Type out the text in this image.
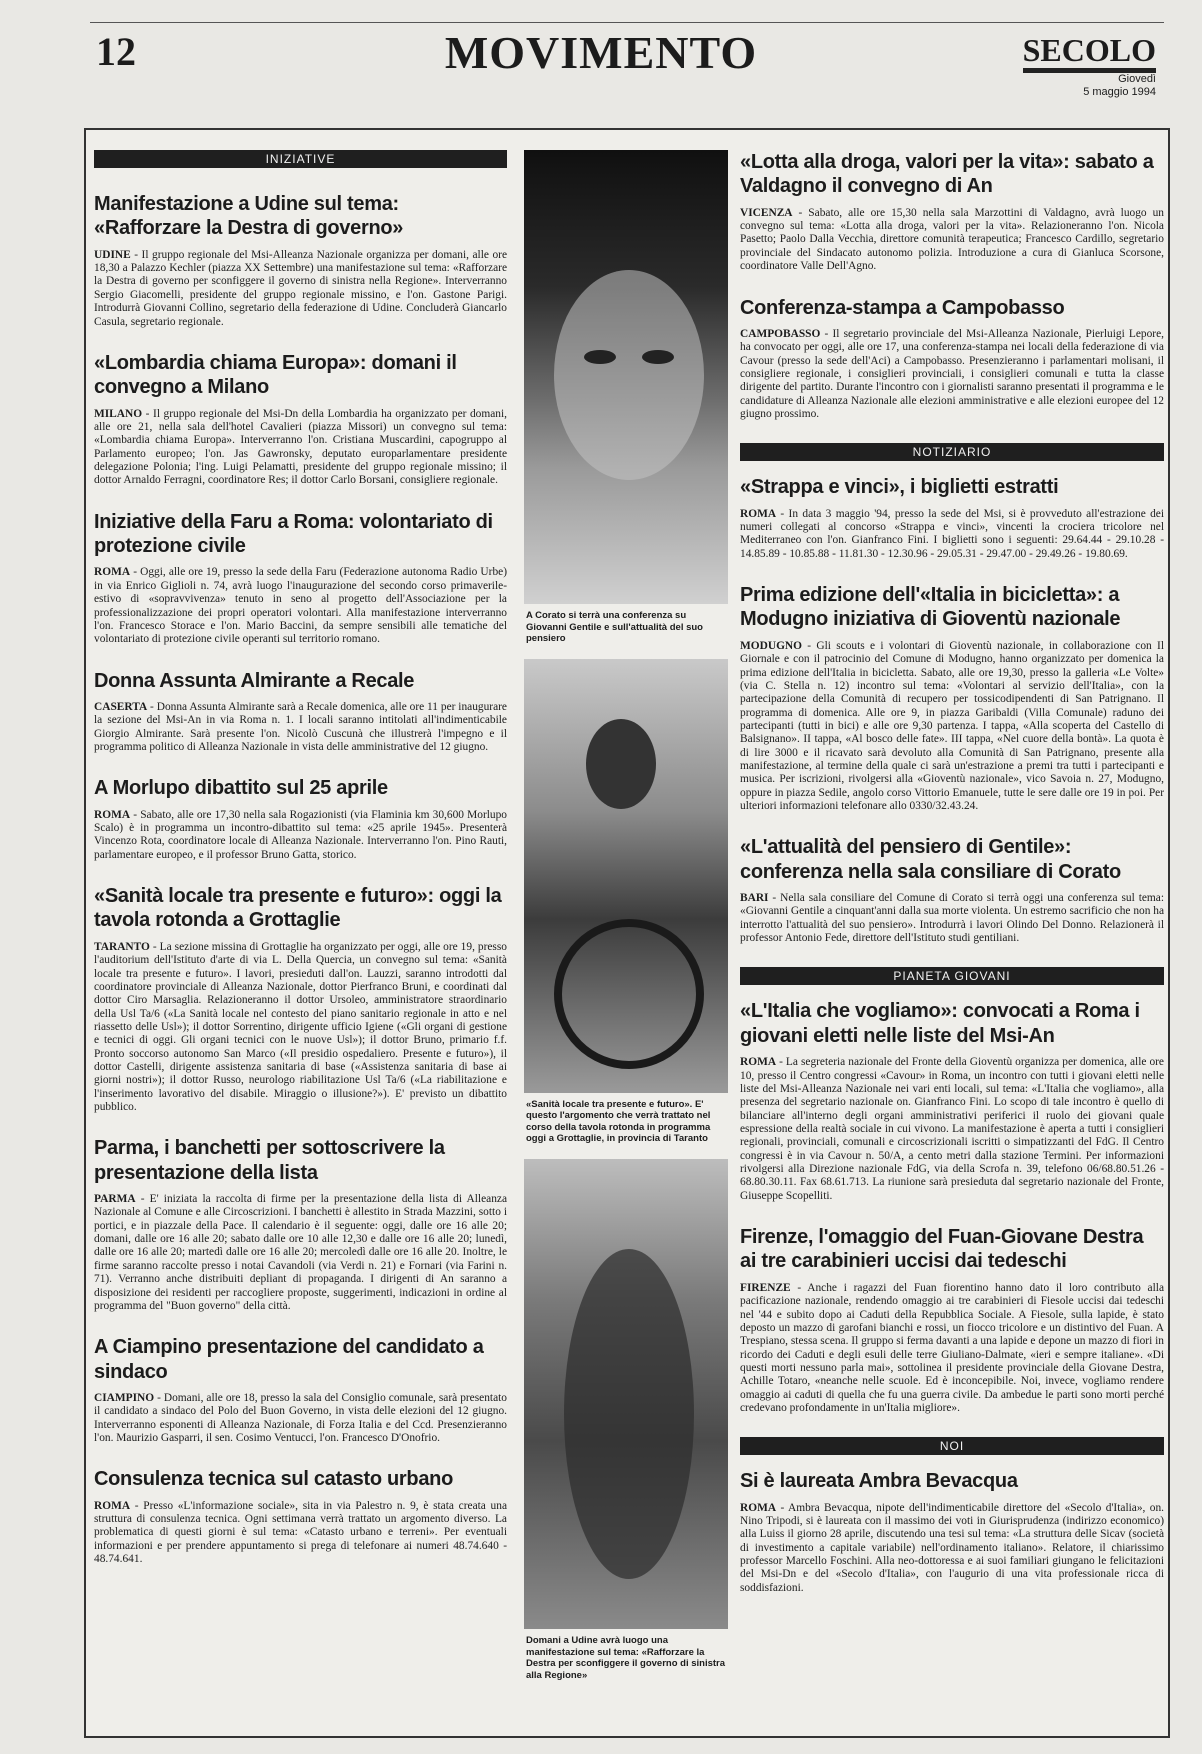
12	MOVIMENTO	SECOLO
Giovedì
5 maggio 1994
INIZIATIVE
Manifestazione a Udine sul tema: «Rafforzare la Destra di governo»

UDINE - Il gruppo regionale del Msi-Alleanza Nazionale organizza per domani, alle ore 18,30 a Palazzo Kechler (piazza XX Settembre) una manifestazione sul tema: «Rafforzare la Destra di governo per sconfiggere il governo di sinistra nella Regione». Interverranno Sergio Giacomelli, presidente del gruppo regionale missino, e l'on. Gastone Parigi. Introdurrà Giovanni Collino, segretario della federazione di Udine. Concluderà Giancarlo Casula, segretario regionale.

«Lombardia chiama Europa»: domani il convegno a Milano

MILANO - Il gruppo regionale del Msi-Dn della Lombardia ha organizzato per domani, alle ore 21, nella sala dell'hotel Cavalieri (piazza Missori) un convegno sul tema: «Lombardia chiama Europa». Interverranno l'on. Cristiana Muscardini, capogruppo al Parlamento europeo; l'on. Jas Gawronsky, deputato europarlamentare presidente delegazione Polonia; l'ing. Luigi Pelamatti, presidente del gruppo regionale missino; il dottor Arnaldo Ferragni, coordinatore Res; il dottor Carlo Borsani, consigliere regionale.

Iniziative della Faru a Roma: volontariato di protezione civile

ROMA - Oggi, alle ore 19, presso la sede della Faru (Federazione autonoma Radio Urbe) in via Enrico Giglioli n. 74, avrà luogo l'inaugurazione del secondo corso primaverile-estivo di «sopravvivenza» tenuto in seno al progetto dell'Associazione per la professionalizzazione dei propri operatori volontari. Alla manifestazione interverranno l'on. Francesco Storace e l'on. Mario Baccini, da sempre sensibili alle tematiche del volontariato di protezione civile operanti sul territorio romano.

Donna Assunta Almirante a Recale

CASERTA - Donna Assunta Almirante sarà a Recale domenica, alle ore 11 per inaugurare la sezione del Msi-An in via Roma n. 1. I locali saranno intitolati all'indimenticabile Giorgio Almirante. Sarà presente l'on. Nicolò Cuscunà che illustrerà l'impegno e il programma politico di Alleanza Nazionale in vista delle amministrative del 12 giugno.

A Morlupo dibattito sul 25 aprile

ROMA - Sabato, alle ore 17,30 nella sala Rogazionisti (via Flaminia km 30,600 Morlupo Scalo) è in programma un incontro-dibattito sul tema: «25 aprile 1945». Presenterà Vincenzo Rota, coordinatore locale di Alleanza Nazionale. Interverranno l'on. Pino Rauti, parlamentare europeo, e il professor Bruno Gatta, storico.

«Sanità locale tra presente e futuro»: oggi la tavola rotonda a Grottaglie

TARANTO - La sezione missina di Grottaglie ha organizzato per oggi, alle ore 19, presso l'auditorium dell'Istituto d'arte di via L. Della Quercia, un convegno sul tema: «Sanità locale tra presente e futuro». I lavori, presieduti dall'on. Lauzzi, saranno introdotti dal coordinatore provinciale di Alleanza Nazionale, dottor Pierfranco Bruni, e coordinati dal dottor Ciro Marsaglia. Relazioneranno il dottor Ursoleo, amministratore straordinario della Usl Ta/6 («La Sanità locale nel contesto del piano sanitario regionale in atto e nel riassetto delle Usl»); il dottor Sorrentino, dirigente ufficio Igiene («Gli organi di gestione e tecnici di oggi. Gli organi tecnici con le nuove Usl»); il dottor Bruno, primario f.f. Pronto soccorso autonomo San Marco («Il presidio ospedaliero. Presente e futuro»), il dottor Castelli, dirigente assistenza sanitaria di base («Assistenza sanitaria di base ai giorni nostri»); il dottor Russo, neurologo riabilitazione Usl Ta/6 («La riabilitazione e l'inserimento lavorativo del disabile. Miraggio o illusione?»). E' previsto un dibattito pubblico.

Parma, i banchetti per sottoscrivere la presentazione della lista

PARMA - E' iniziata la raccolta di firme per la presentazione della lista di Alleanza Nazionale al Comune e alle Circoscrizioni. I banchetti è allestito in Strada Mazzini, sotto i portici, e in piazzale della Pace. Il calendario è il seguente: oggi, dalle ore 16 alle 20; domani, dalle ore 16 alle 20; sabato dalle ore 10 alle 12,30 e dalle ore 16 alle 20; lunedì, dalle ore 16 alle 20; martedì dalle ore 16 alle 20; mercoledì dalle ore 16 alle 20. Inoltre, le firme saranno raccolte presso i notai Cavandoli (via Verdi n. 21) e Fornari (via Farini n. 71). Verranno anche distribuiti depliant di propaganda. I dirigenti di An saranno a disposizione dei residenti per raccogliere proposte, suggerimenti, indicazioni in ordine al programma del "Buon governo" della città.

A Ciampino presentazione del candidato a sindaco

CIAMPINO - Domani, alle ore 18, presso la sala del Consiglio comunale, sarà presentato il candidato a sindaco del Polo del Buon Governo, in vista delle elezioni del 12 giugno. Interverranno esponenti di Alleanza Nazionale, di Forza Italia e del Ccd. Presenzieranno l'on. Maurizio Gasparri, il sen. Cosimo Ventucci, l'on. Francesco D'Onofrio.

Consulenza tecnica sul catasto urbano

ROMA - Presso «L'informazione sociale», sita in via Palestro n. 9, è stata creata una struttura di consulenza tecnica. Ogni settimana verrà trattato un argomento diverso. La problematica di questi giorni è sul tema: «Catasto urbano e terreni». Per eventuali informazioni e per prendere appuntamento si prega di telefonare ai numeri 48.74.640 - 48.74.641.

A Corato si terrà una conferenza su Giovanni Gentile e sull'attualità del suo pensiero

«Sanità locale tra presente e futuro». E' questo l'argomento che verrà trattato nel corso della tavola rotonda in programma oggi a Grottaglie, in provincia di Taranto

Domani a Udine avrà luogo una manifestazione sul tema: «Rafforzare la Destra per sconfiggere il governo di sinistra alla Regione»

«Lotta alla droga, valori per la vita»: sabato a Valdagno il convegno di An

VICENZA - Sabato, alle ore 15,30 nella sala Marzottini di Valdagno, avrà luogo un convegno sul tema: «Lotta alla droga, valori per la vita». Relazioneranno l'on. Nicola Pasetto; Paolo Dalla Vecchia, direttore comunità terapeutica; Francesco Cardillo, segretario provinciale del Sindacato autonomo polizia. Introduzione a cura di Gianluca Scorsone, coordinatore Valle Dell'Agno.

Conferenza-stampa a Campobasso

CAMPOBASSO - Il segretario provinciale del Msi-Alleanza Nazionale, Pierluigi Lepore, ha convocato per oggi, alle ore 17, una conferenza-stampa nei locali della federazione di via Cavour (presso la sede dell'Aci) a Campobasso. Presenzieranno i parlamentari molisani, il consigliere regionale, i consiglieri provinciali, i consiglieri comunali e tutta la classe dirigente del partito. Durante l'incontro con i giornalisti saranno presentati il programma e le candidature di Alleanza Nazionale alle elezioni amministrative e alle elezioni europee del 12 giugno prossimo.

NOTIZIARIO
«Strappa e vinci», i biglietti estratti

ROMA - In data 3 maggio '94, presso la sede del Msi, si è provveduto all'estrazione dei numeri collegati al concorso «Strappa e vinci», vincenti la crociera tricolore nel Mediterraneo con l'on. Gianfranco Fini. I biglietti sono i seguenti: 29.64.44 - 29.10.28 - 14.85.89 - 10.85.88 - 11.81.30 - 12.30.96 - 29.05.31 - 29.47.00 - 29.49.26 - 19.80.69.

Prima edizione dell'«Italia in bicicletta»: a Modugno iniziativa di Gioventù nazionale

MODUGNO - Gli scouts e i volontari di Gioventù nazionale, in collaborazione con Il Giornale e con il patrocinio del Comune di Modugno, hanno organizzato per domenica la prima edizione dell'Italia in bicicletta. Sabato, alle ore 19,30, presso la galleria «Le Volte» (via C. Stella n. 12) incontro sul tema: «Volontari al servizio dell'Italia», con la partecipazione della Comunità di recupero per tossicodipendenti di San Patrignano. Il programma di domenica. Alle ore 9, in piazza Garibaldi (Villa Comunale) raduno dei partecipanti (tutti in bici) e alle ore 9,30 partenza. I tappa, «Alla scoperta del Castello di Balsignano». II tappa, «Al bosco delle fate». III tappa, «Nel cuore della bontà». La quota è di lire 3000 e il ricavato sarà devoluto alla Comunità di San Patrignano, presente alla manifestazione, al termine della quale ci sarà un'estrazione a premi tra tutti i partecipanti e musica. Per iscrizioni, rivolgersi alla «Gioventù nazionale», vico Savoia n. 27, Modugno, oppure in piazza Sedile, angolo corso Vittorio Emanuele, tutte le sere dalle ore 19 in poi. Per ulteriori informazioni telefonare allo 0330/32.43.24.

«L'attualità del pensiero di Gentile»: conferenza nella sala consiliare di Corato

BARI - Nella sala consiliare del Comune di Corato si terrà oggi una conferenza sul tema: «Giovanni Gentile a cinquant'anni dalla sua morte violenta. Un estremo sacrificio che non ha interrotto l'attualità del suo pensiero». Introdurrà i lavori Olindo Del Donno. Relazionerà il professor Antonio Fede, direttore dell'Istituto studi gentiliani.

PIANETA GIOVANI
«L'Italia che vogliamo»: convocati a Roma i giovani eletti nelle liste del Msi-An

ROMA - La segreteria nazionale del Fronte della Gioventù organizza per domenica, alle ore 10, presso il Centro congressi «Cavour» in Roma, un incontro con tutti i giovani eletti nelle liste del Msi-Alleanza Nazionale nei vari enti locali, sul tema: «L'Italia che vogliamo», alla presenza del segretario nazionale on. Gianfranco Fini. Lo scopo di tale incontro è quello di bilanciare all'interno degli organi amministrativi periferici il ruolo dei giovani quale espressione della realtà sociale in cui vivono. La manifestazione è aperta a tutti i consiglieri regionali, provinciali, comunali e circoscrizionali iscritti o simpatizzanti del FdG. Il Centro congressi è in via Cavour n. 50/A, a cento metri dalla stazione Termini. Per informazioni rivolgersi alla Direzione nazionale FdG, via della Scrofa n. 39, telefono 06/68.80.51.26 - 68.80.30.11. Fax 68.61.713. La riunione sarà presieduta dal segretario nazionale del Fronte, Giuseppe Scopelliti.

Firenze, l'omaggio del Fuan-Giovane Destra ai tre carabinieri uccisi dai tedeschi

FIRENZE - Anche i ragazzi del Fuan fiorentino hanno dato il loro contributo alla pacificazione nazionale, rendendo omaggio ai tre carabinieri di Fiesole uccisi dai tedeschi nel '44 e subito dopo ai Caduti della Repubblica Sociale. A Fiesole, sulla lapide, è stato deposto un mazzo di garofani bianchi e rossi, un fiocco tricolore e un distintivo del Fuan. A Trespiano, stessa scena. Il gruppo si ferma davanti a una lapide e depone un mazzo di fiori in ricordo dei Caduti e degli esuli delle terre Giuliano-Dalmate, «ieri e sempre italiane». «Di questi morti nessuno parla mai», sottolinea il presidente provinciale della Giovane Destra, Achille Totaro, «neanche nelle scuole. Ed è inconcepibile. Noi, invece, vogliamo rendere omaggio ai caduti di quella che fu una guerra civile. Da ambedue le parti sono morti perché credevano profondamente in un'Italia migliore».

NOI
Si è laureata Ambra Bevacqua

ROMA - Ambra Bevacqua, nipote dell'indimenticabile direttore del «Secolo d'Italia», on. Nino Tripodi, si è laureata con il massimo dei voti in Giurisprudenza (indirizzo economico) alla Luiss il giorno 28 aprile, discutendo una tesi sul tema: «La struttura delle Sicav (società di investimento a capitale variabile) nell'ordinamento italiano». Relatore, il chiarissimo professor Marcello Foschini. Alla neo-dottoressa e ai suoi familiari giungano le felicitazioni del Msi-Dn e del «Secolo d'Italia», con l'augurio di una vita professionale ricca di soddisfazioni.
